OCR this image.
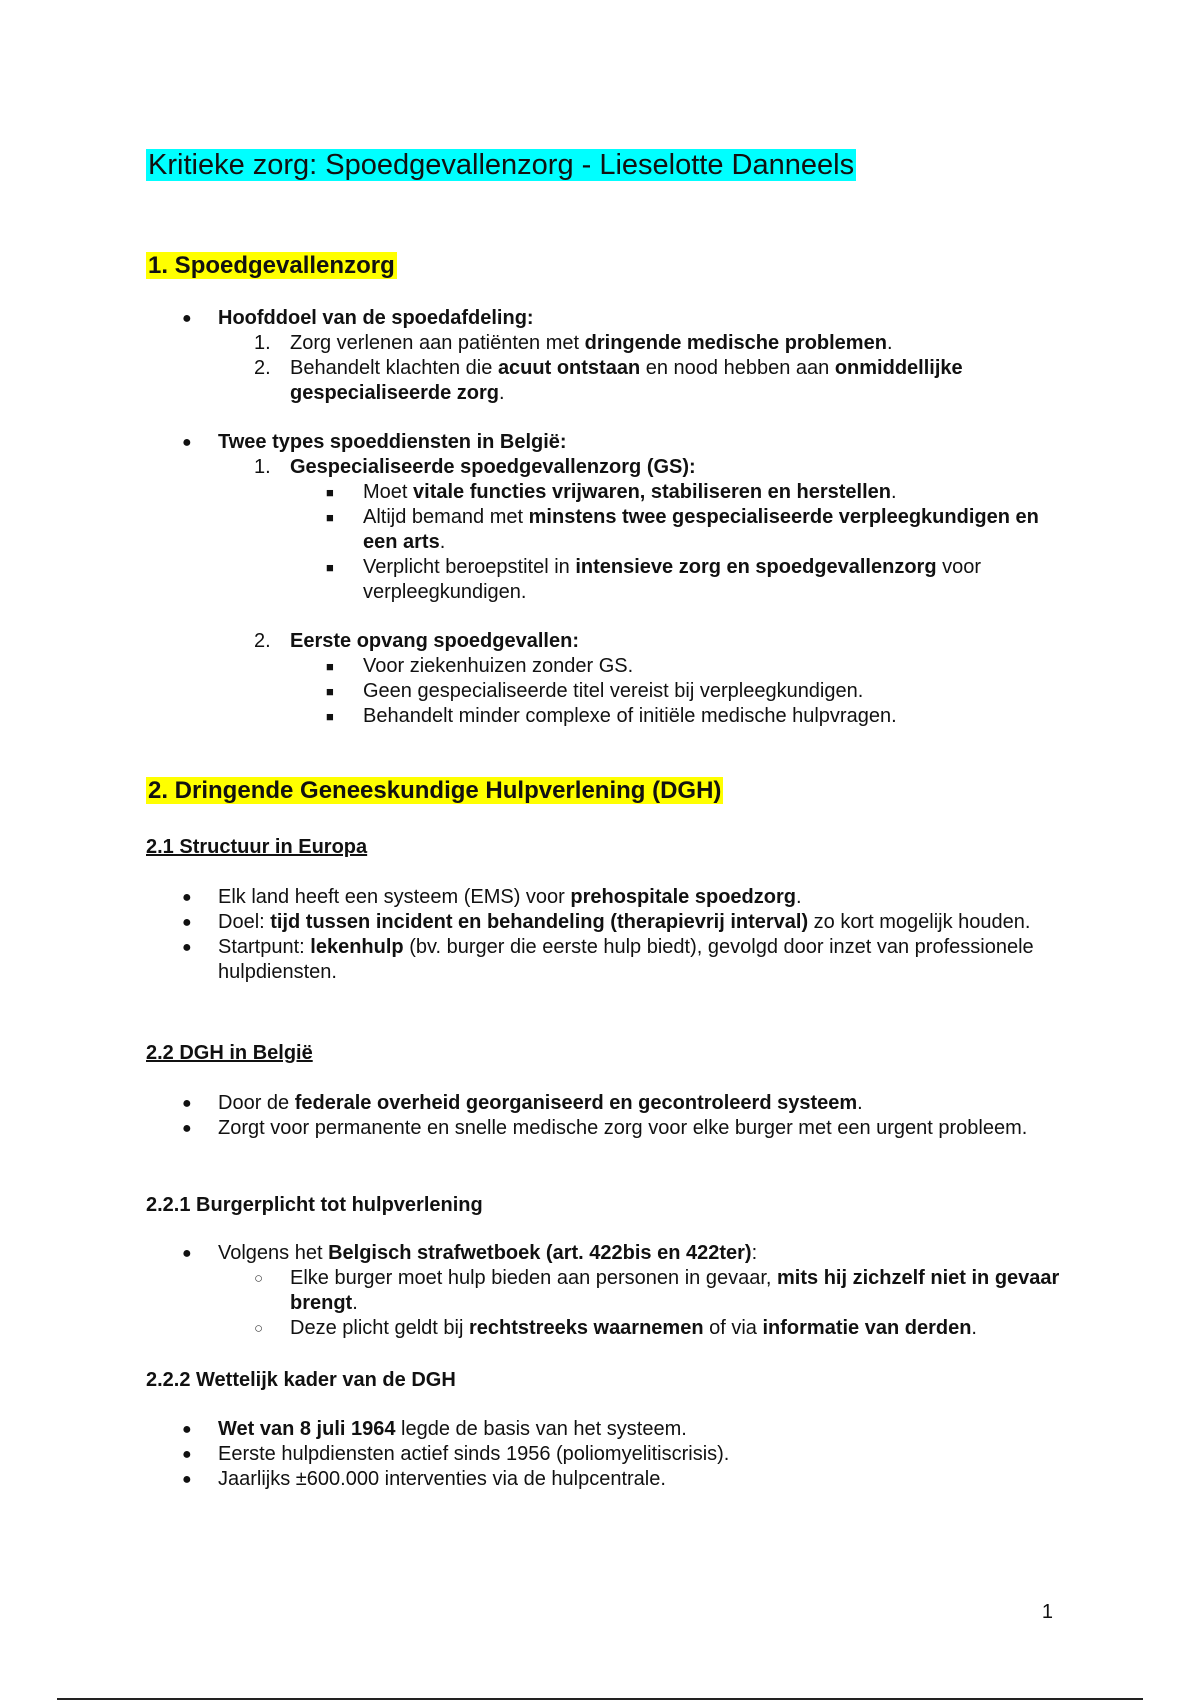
Kritieke zorg: Spoedgevallenzorg - Lieselotte Danneels
1. Spoedgevallenzorg
● Hoofddoel van de spoedafdeling:
1. Zorg verlenen aan patiënten met dringende medische problemen.
2. Behandelt klachten die acuut ontstaan en nood hebben aan onmiddellijke gespecialiseerde zorg.
● Twee types spoeddiensten in België:
1. Gespecialiseerde spoedgevallenzorg (GS):
■ Moet vitale functies vrijwaren, stabiliseren en herstellen.
■ Altijd bemand met minstens twee gespecialiseerde verpleegkundigen en een arts.
■ Verplicht beroepstitel in intensieve zorg en spoedgevallenzorg voor verpleegkundigen.
2. Eerste opvang spoedgevallen:
■ Voor ziekenhuizen zonder GS.
■ Geen gespecialiseerde titel vereist bij verpleegkundigen.
■ Behandelt minder complexe of initiële medische hulpvragen.
2. Dringende Geneeskundige Hulpverlening (DGH)
2.1 Structuur in Europa
● Elk land heeft een systeem (EMS) voor prehospitale spoedzorg.
● Doel: tijd tussen incident en behandeling (therapievrij interval) zo kort mogelijk houden.
● Startpunt: lekenhulp (bv. burger die eerste hulp biedt), gevolgd door inzet van professionele hulpdiensten.
2.2 DGH in België
● Door de federale overheid georganiseerd en gecontroleerd systeem.
● Zorgt voor permanente en snelle medische zorg voor elke burger met een urgent probleem.
2.2.1 Burgerplicht tot hulpverlening
● Volgens het Belgisch strafwetboek (art. 422bis en 422ter):
○ Elke burger moet hulp bieden aan personen in gevaar, mits hij zichzelf niet in gevaar brengt.
○ Deze plicht geldt bij rechtstreeks waarnemen of via informatie van derden.
2.2.2 Wettelijk kader van de DGH
● Wet van 8 juli 1964 legde de basis van het systeem.
● Eerste hulpdiensten actief sinds 1956 (poliomyelitiscrisis).
● Jaarlijks ±600.000 interventies via de hulpcentrale.
1
